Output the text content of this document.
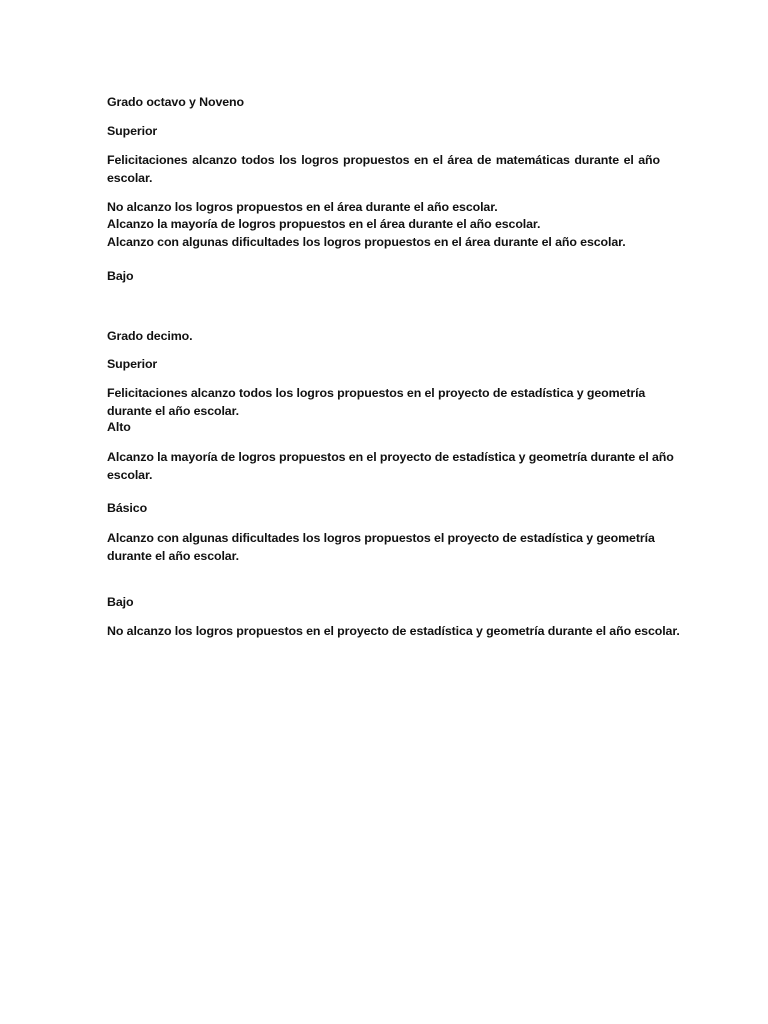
Grado octavo y Noveno

Superior

Felicitaciones alcanzo todos los logros propuestos en el área de matemáticas durante el año

escolar.

No alcanzo los logros propuestos en el área durante el año escolar.

Alcanzo la mayoría de logros propuestos en el área durante el año escolar.

Alcanzo con algunas dificultades los logros propuestos en el área durante el año escolar.

Bajo

Grado decimo.

Superior

Felicitaciones alcanzo todos los logros propuestos en el proyecto de estadística y geometría

durante el año escolar.

Alto

Alcanzo la mayoría de logros propuestos en el proyecto de estadística y geometría durante el año

escolar.

Básico

Alcanzo con algunas dificultades los logros propuestos el proyecto de estadística y geometría

durante el año escolar.

Bajo

No alcanzo los logros propuestos en el proyecto de estadística y geometría durante el año escolar.
